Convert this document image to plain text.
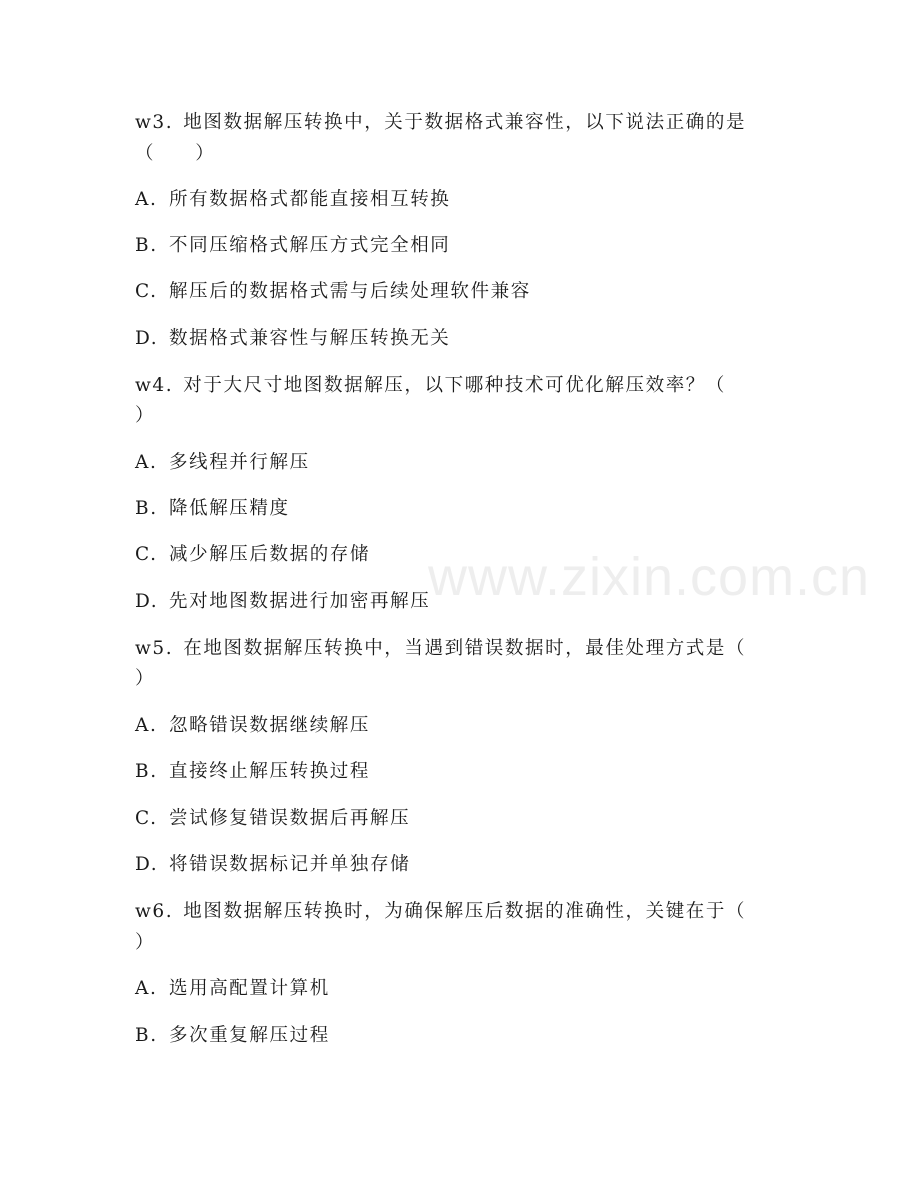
www.zixin.com.cn
w3. 地图数据解压转换中，关于数据格式兼容性，以下说法正确的是
（　　）
A. 所有数据格式都能直接相互转换
B. 不同压缩格式解压方式完全相同
C. 解压后的数据格式需与后续处理软件兼容
D. 数据格式兼容性与解压转换无关
w4. 对于大尺寸地图数据解压，以下哪种技术可优化解压效率？（
）
A. 多线程并行解压
B. 降低解压精度
C. 减少解压后数据的存储
D. 先对地图数据进行加密再解压
w5. 在地图数据解压转换中，当遇到错误数据时，最佳处理方式是（
）
A. 忽略错误数据继续解压
B. 直接终止解压转换过程
C. 尝试修复错误数据后再解压
D. 将错误数据标记并单独存储
w6. 地图数据解压转换时，为确保解压后数据的准确性，关键在于（
）
A. 选用高配置计算机
B. 多次重复解压过程
